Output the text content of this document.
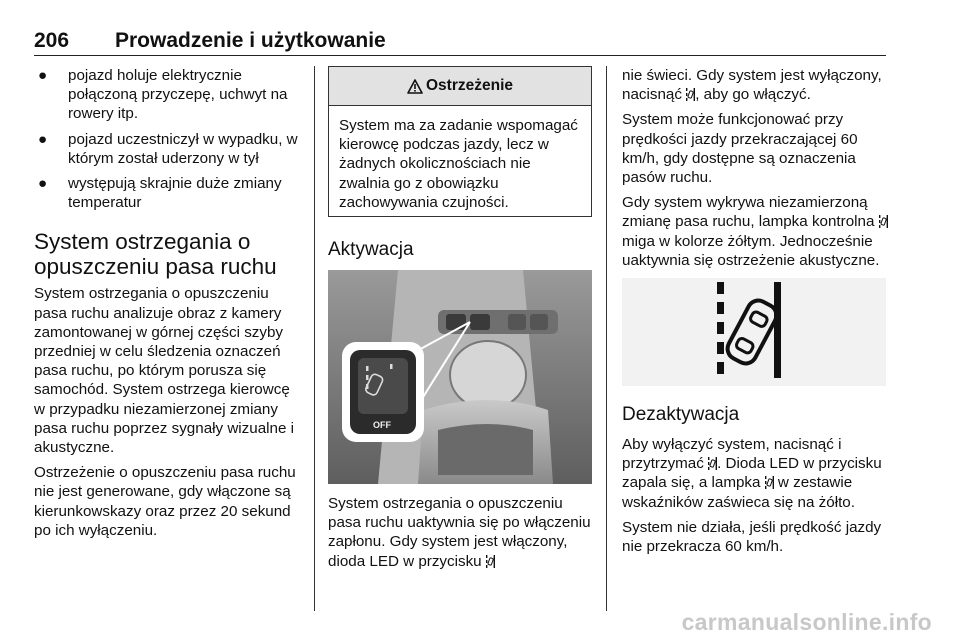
206 Prowadzenie i użytkowanie
● pojazd holuje elektrycznie połączoną przyczepę, uchwyt na rowery itp.
● pojazd uczestniczył w wypadku, w którym został uderzony w tył
● występują skrajnie duże zmiany temperatur
System ostrzegania o opuszczeniu pasa ruchu

System ostrzegania o opuszczeniu pasa ruchu analizuje obraz z kamery zamontowanej w górnej części szyby przedniej w celu śledzenia oznaczeń pasa ruchu, po którym porusza się samochód. System ostrzega kierowcę w przypadku niezamierzonej zmiany pasa ruchu poprzez sygnały wizualne i akustyczne.

Ostrzeżenie o opuszczeniu pasa ruchu nie jest generowane, gdy włączone są kierunkowskazy oraz przez 20 sekund po ich wyłączeniu.

Ostrzeżenie
System ma za zadanie wspomagać kierowcę podczas jazdy, lecz w żadnych okolicznościach nie zwalnia go z obowiązku zachowywania czujności.
Aktywacja
OFF

System ostrzegania o opuszczeniu pasa ruchu uaktywnia się po włączeniu zapłonu. Gdy system jest włączony, dioda LED w przycisku

nie świeci. Gdy system jest wyłączony, nacisnąć , aby go włączyć.

System może funkcjonować przy prędkości jazdy przekraczającej 60 km/h, gdy dostępne są oznaczenia pasów ruchu.

Gdy system wykrywa niezamierzoną zmianę pasa ruchu, lampka kontrolna  miga w kolorze żółtym. Jednocześnie uaktywnia się ostrzeżenie akustyczne.

Dezaktywacja

Aby wyłączyć system, nacisnąć i przytrzymać . Dioda LED w przycisku zapala się, a lampka w zestawie wskaźników zaświeca się na żółto.

System nie działa, jeśli prędkość jazdy nie przekracza 60 km/h.

carmanualsonline.info
